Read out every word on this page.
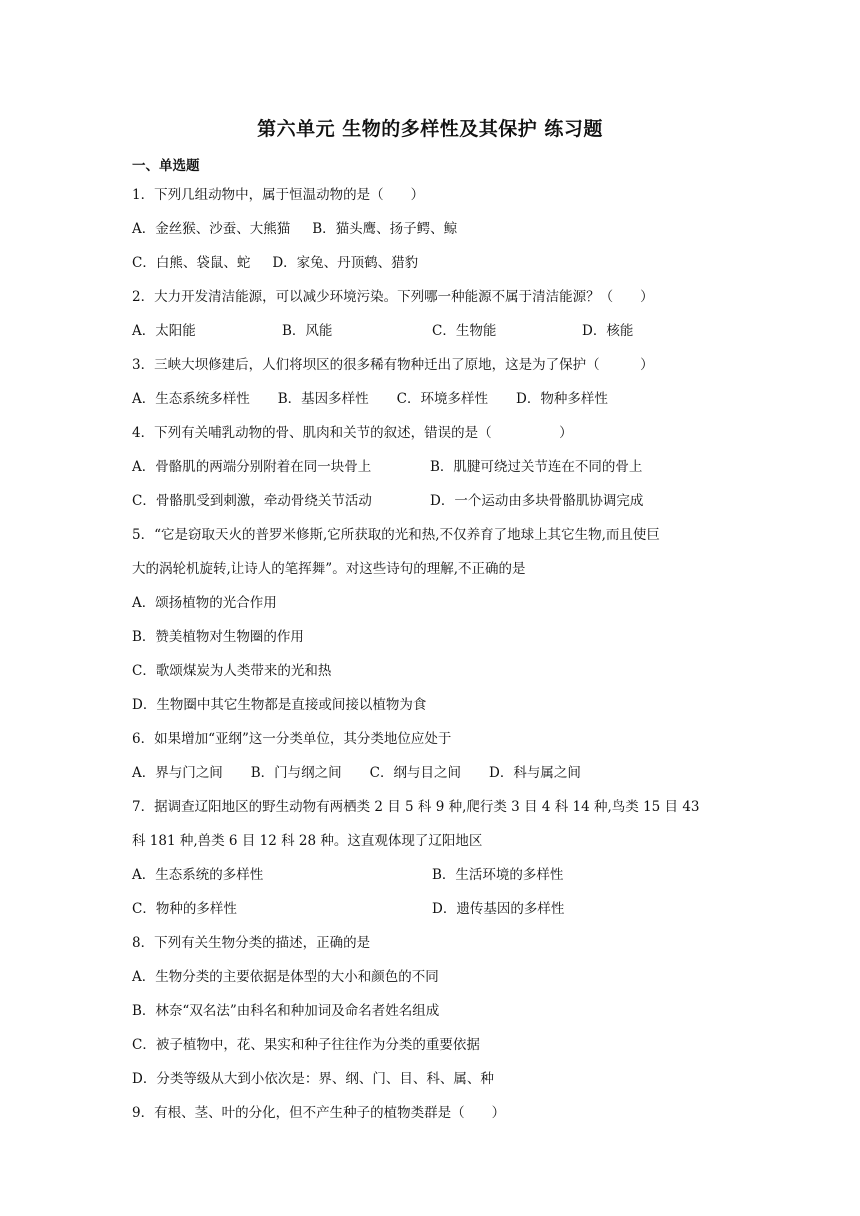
第六单元 生物的多样性及其保护 练习题
一、单选题
1．下列几组动物中，属于恒温动物的是（　　）
A．金丝猴、沙蚕、大熊猫 B．猫头鹰、扬子鳄、鲸
C．白熊、袋鼠、蛇 D．家兔、丹顶鹤、猎豹
2．大力开发清洁能源，可以减少环境污染。下列哪一种能源不属于清洁能源？（　　）
A．太阳能	B．风能	C．生物能	D．核能
3．三峡大坝修建后，人们将坝区的很多稀有物种迁出了原地，这是为了保护（　　　）
A．生态系统多样性 B．基因多样性 C．环境多样性 D．物种多样性
4．下列有关哺乳动物的骨、肌肉和关节的叙述，错误的是（　　　　　）
A．骨骼肌的两端分别附着在同一块骨上	B．肌腱可绕过关节连在不同的骨上
C．骨骼肌受到刺激，牵动骨绕关节活动	D．一个运动由多块骨骼肌协调完成
5．“它是窃取天火的普罗米修斯,它所获取的光和热,不仅养育了地球上其它生物,而且使巨
大的涡轮机旋转,让诗人的笔挥舞”。对这些诗句的理解,不正确的是
A．颂扬植物的光合作用
B．赞美植物对生物圈的作用
C．歌颂煤炭为人类带来的光和热
D．生物圈中其它生物都是直接或间接以植物为食
6．如果增加“亚纲”这一分类单位，其分类地位应处于
A．界与门之间 B．门与纲之间 C．纲与目之间 D．科与属之间
7．据调查辽阳地区的野生动物有两栖类 2 目 5 科 9 种,爬行类 3 目 4 科 14 种,鸟类 15 目 43
科 181 种,兽类 6 目 12 科 28 种。这直观体现了辽阳地区
A．生态系统的多样性	B．生活环境的多样性
C．物种的多样性	D．遗传基因的多样性
8．下列有关生物分类的描述，正确的是
A．生物分类的主要依据是体型的大小和颜色的不同
B．林奈“双名法”由科名和种加词及命名者姓名组成
C．被子植物中，花、果实和种子往往作为分类的重要依据
D．分类等级从大到小依次是：界、纲、门、目、科、属、种
9．有根、茎、叶的分化，但不产生种子的植物类群是（　　）
